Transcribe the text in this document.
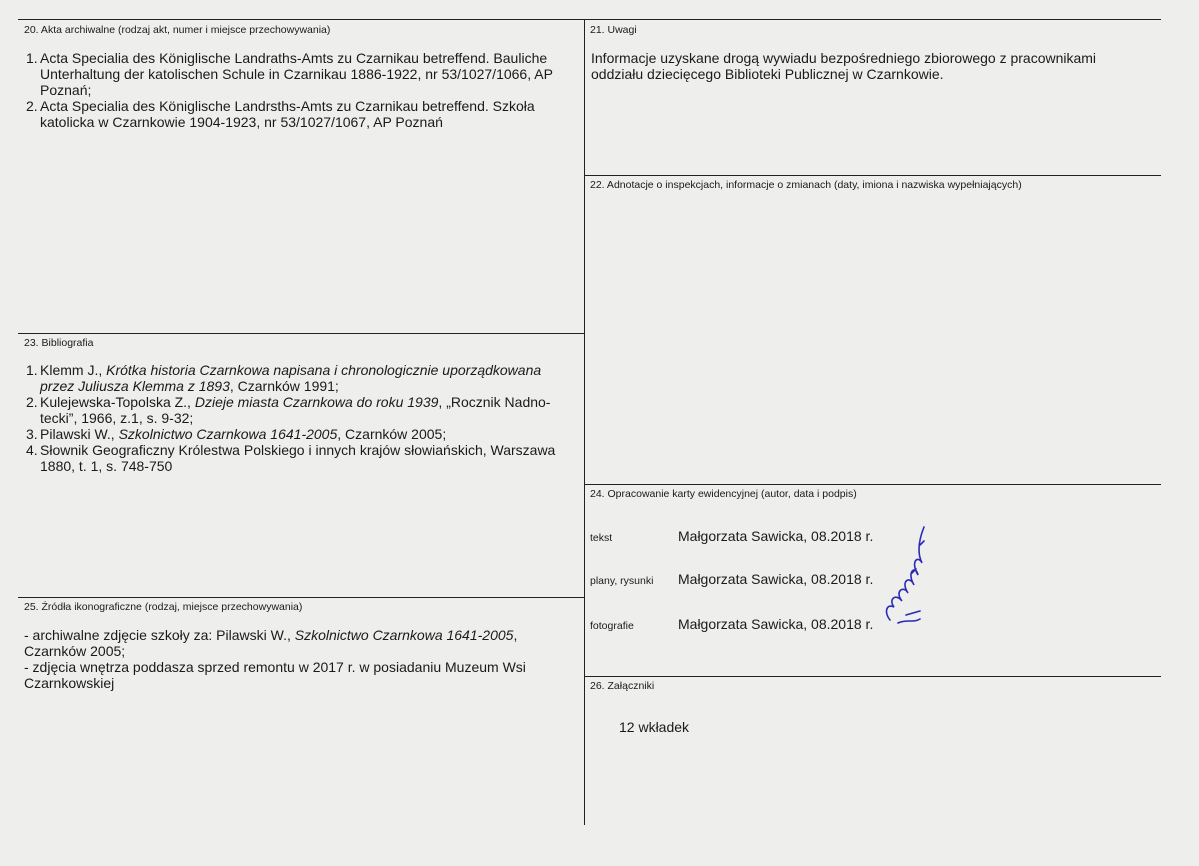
20. Akta archiwalne (rodzaj akt, numer i miejsce przechowywania)
1. Acta Specialia des Königlische Landraths-Amts zu Czarnikau betreffend. Bauliche Unterhaltung der katolischen Schule in Czarnikau 1886-1922, nr 53/1027/1066, AP Poznań;
2. Acta Specialia des Königlische Landrsths-Amts zu Czarnikau betreffend. Szkoła katolicka w Czarnkowie 1904-1923, nr 53/1027/1067, AP Poznań
21. Uwagi
Informacje uzyskane drogą wywiadu bezpośredniego zbiorowego z pracownikami oddziału dziecięcego Biblioteki Publicznej w Czarnkowie.
22. Adnotacje o inspekcjach, informacje o zmianach (daty, imiona i nazwiska wypełniających)
23. Bibliografia
1. Klemm J., Krótka historia Czarnkowa napisana i chronologicznie uporządkowana przez Juliusza Klemma z 1893, Czarnków 1991;
2. Kulejewska-Topolska Z., Dzieje miasta Czarnkowa do roku 1939, „Rocznik Nadno-tecki”, 1966, z.1, s. 9-32;
3. Pilawski W., Szkolnictwo Czarnkowa 1641-2005, Czarnków 2005;
4. Słownik Geograficzny Królestwa Polskiego i innych krajów słowiańskich, Warszawa 1880, t. 1, s. 748-750
24. Opracowanie karty ewidencyjnej (autor, data i podpis)
tekst	Małgorzata Sawicka, 08.2018 r.
plany, rysunki Małgorzata Sawicka, 08.2018 r.
fotografie	Małgorzata Sawicka, 08.2018 r.
25. Źródła ikonograficzne (rodzaj, miejsce przechowywania)

- archiwalne zdjęcie szkoły za: Pilawski W., Szkolnictwo Czarnkowa 1641-2005, Czarnków 2005;

- zdjęcia wnętrza poddasza sprzed remontu w 2017 r. w posiadaniu Muzeum Wsi Czarnkowskiej	26. Załączniki
12 wkładek
